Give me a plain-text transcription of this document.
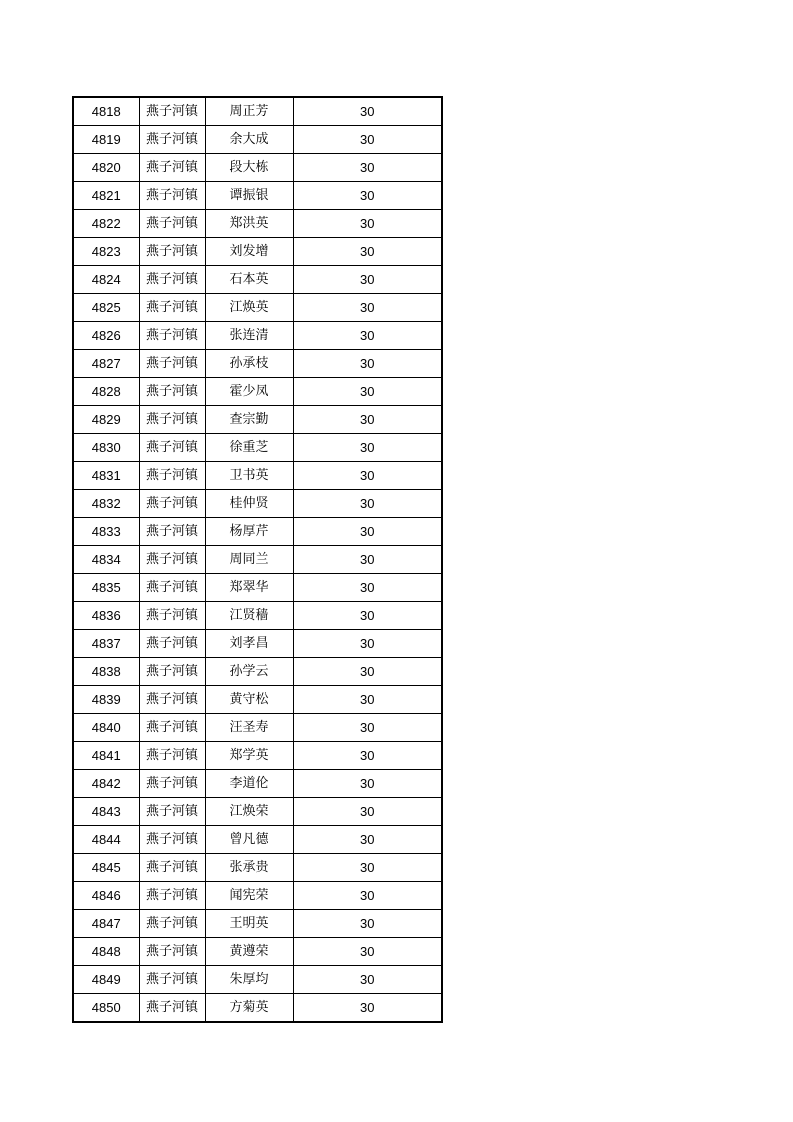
4818	燕子河镇	周正芳	30
4819	燕子河镇	余大成	30
4820	燕子河镇	段大栋	30
4821	燕子河镇	谭振银	30
4822	燕子河镇	郑洪英	30
4823	燕子河镇	刘发增	30
4824	燕子河镇	石本英	30
4825	燕子河镇	江焕英	30
4826	燕子河镇	张连清	30
4827	燕子河镇	孙承枝	30
4828	燕子河镇	霍少凤	30
4829	燕子河镇	查宗勤	30
4830	燕子河镇	徐重芝	30
4831	燕子河镇	卫书英	30
4832	燕子河镇	桂仲贤	30
4833	燕子河镇	杨厚芹	30
4834	燕子河镇	周同兰	30
4835	燕子河镇	郑翠华	30
4836	燕子河镇	江贤穑	30
4837	燕子河镇	刘孝昌	30
4838	燕子河镇	孙学云	30
4839	燕子河镇	黄守松	30
4840	燕子河镇	汪圣寿	30
4841	燕子河镇	郑学英	30
4842	燕子河镇	李道伦	30
4843	燕子河镇	江焕荣	30
4844	燕子河镇	曾凡德	30
4845	燕子河镇	张承贵	30
4846	燕子河镇	闻宪荣	30
4847	燕子河镇	王明英	30
4848	燕子河镇	黄遵荣	30
4849	燕子河镇	朱厚均	30
4850	燕子河镇	方菊英	30
